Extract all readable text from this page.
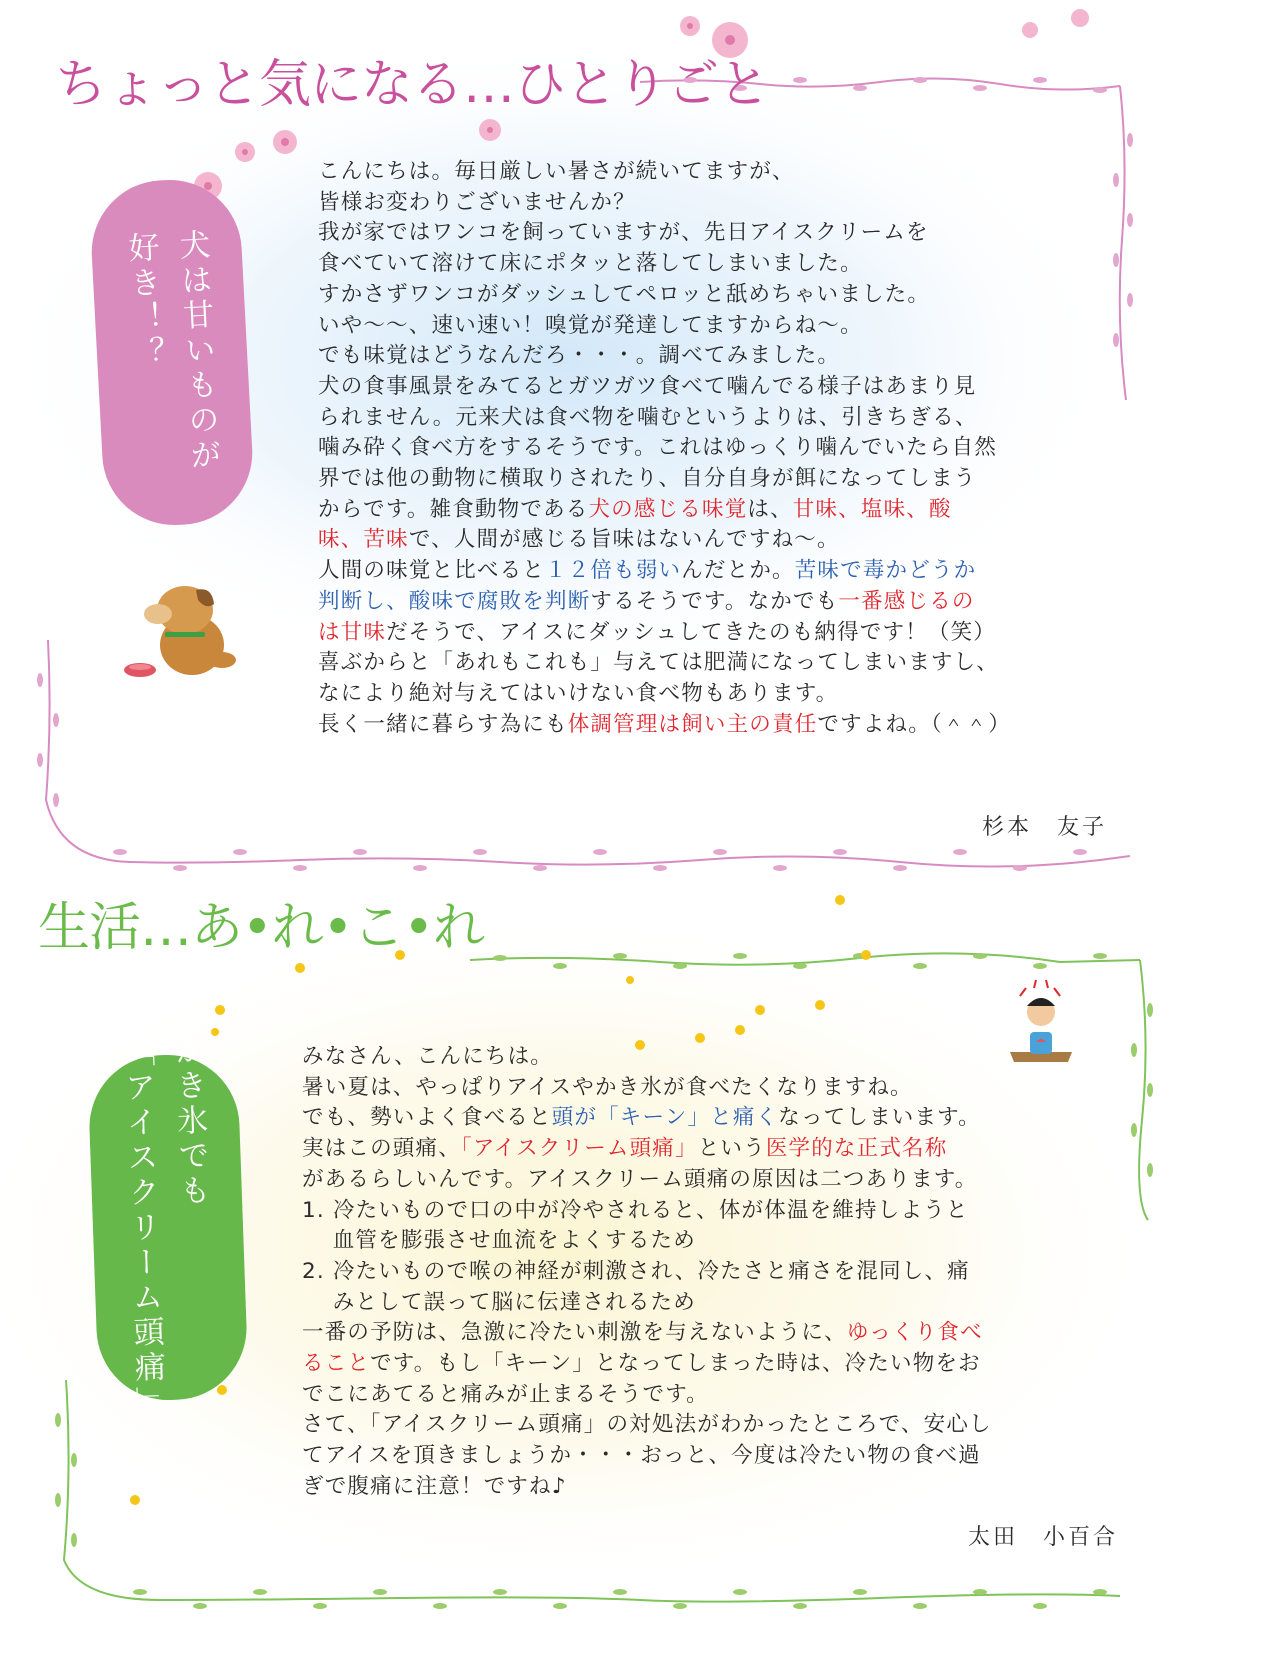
ちょっと気になる…ひとりごと
犬は甘いものが
好き！？
こんにちは。毎日厳しい暑さが続いてますが、
皆様お変わりございませんか？
我が家ではワンコを飼っていますが、先日アイスクリームを
食べていて溶けて床にポタッと落してしまいました。
すかさずワンコがダッシュしてペロッと舐めちゃいました。
いや～～、速い速い！嗅覚が発達してますからね～。
でも味覚はどうなんだろ・・・。調べてみました。
犬の食事風景をみてるとガツガツ食べて噛んでる様子はあまり見
られません。元来犬は食べ物を噛むというよりは、引きちぎる、
噛み砕く食べ方をするそうです。これはゆっくり噛んでいたら自然
界では他の動物に横取りされたり、自分自身が餌になってしまう
からです。雑食動物である犬の感じる味覚は、甘味、塩味、酸
味、苦味で、人間が感じる旨味はないんですね～。
人間の味覚と比べると１２倍も弱いんだとか。苦味で毒かどうか
判断し、酸味で腐敗を判断するそうです。なかでも一番感じるの
は甘味だそうで、アイスにダッシュしてきたのも納得です！（笑）
喜ぶからと「あれもこれも」与えては肥満になってしまいますし、
なにより絶対与えてはいけない食べ物もあります。
長く一緒に暮らす為にも体調管理は飼い主の責任ですよね。（＾＾）
杉本　友子
生活…あ•れ•こ•れ
かき氷でも
「アイスクリーム頭痛」	みなさん、こんにちは。
暑い夏は、やっぱりアイスやかき氷が食べたくなりますね。
でも、勢いよく食べると頭が「キーン」と痛くなってしまいます。
実はこの頭痛、「アイスクリーム頭痛」という医学的な正式名称
があるらしいんです。アイスクリーム頭痛の原因は二つあります。
1. 冷たいもので口の中が冷やされると、体が体温を維持しようと
　 血管を膨張させ血流をよくするため
2. 冷たいもので喉の神経が刺激され、冷たさと痛さを混同し、痛
　 みとして誤って脳に伝達されるため
一番の予防は、急激に冷たい刺激を与えないように、ゆっくり食べ
ることです。もし「キーン」となってしまった時は、冷たい物をお
でこにあてると痛みが止まるそうです。
さて、「アイスクリーム頭痛」の対処法がわかったところで、安心し
てアイスを頂きましょうか・・・おっと、今度は冷たい物の食べ過
ぎで腹痛に注意！ですね♪
太田　小百合
